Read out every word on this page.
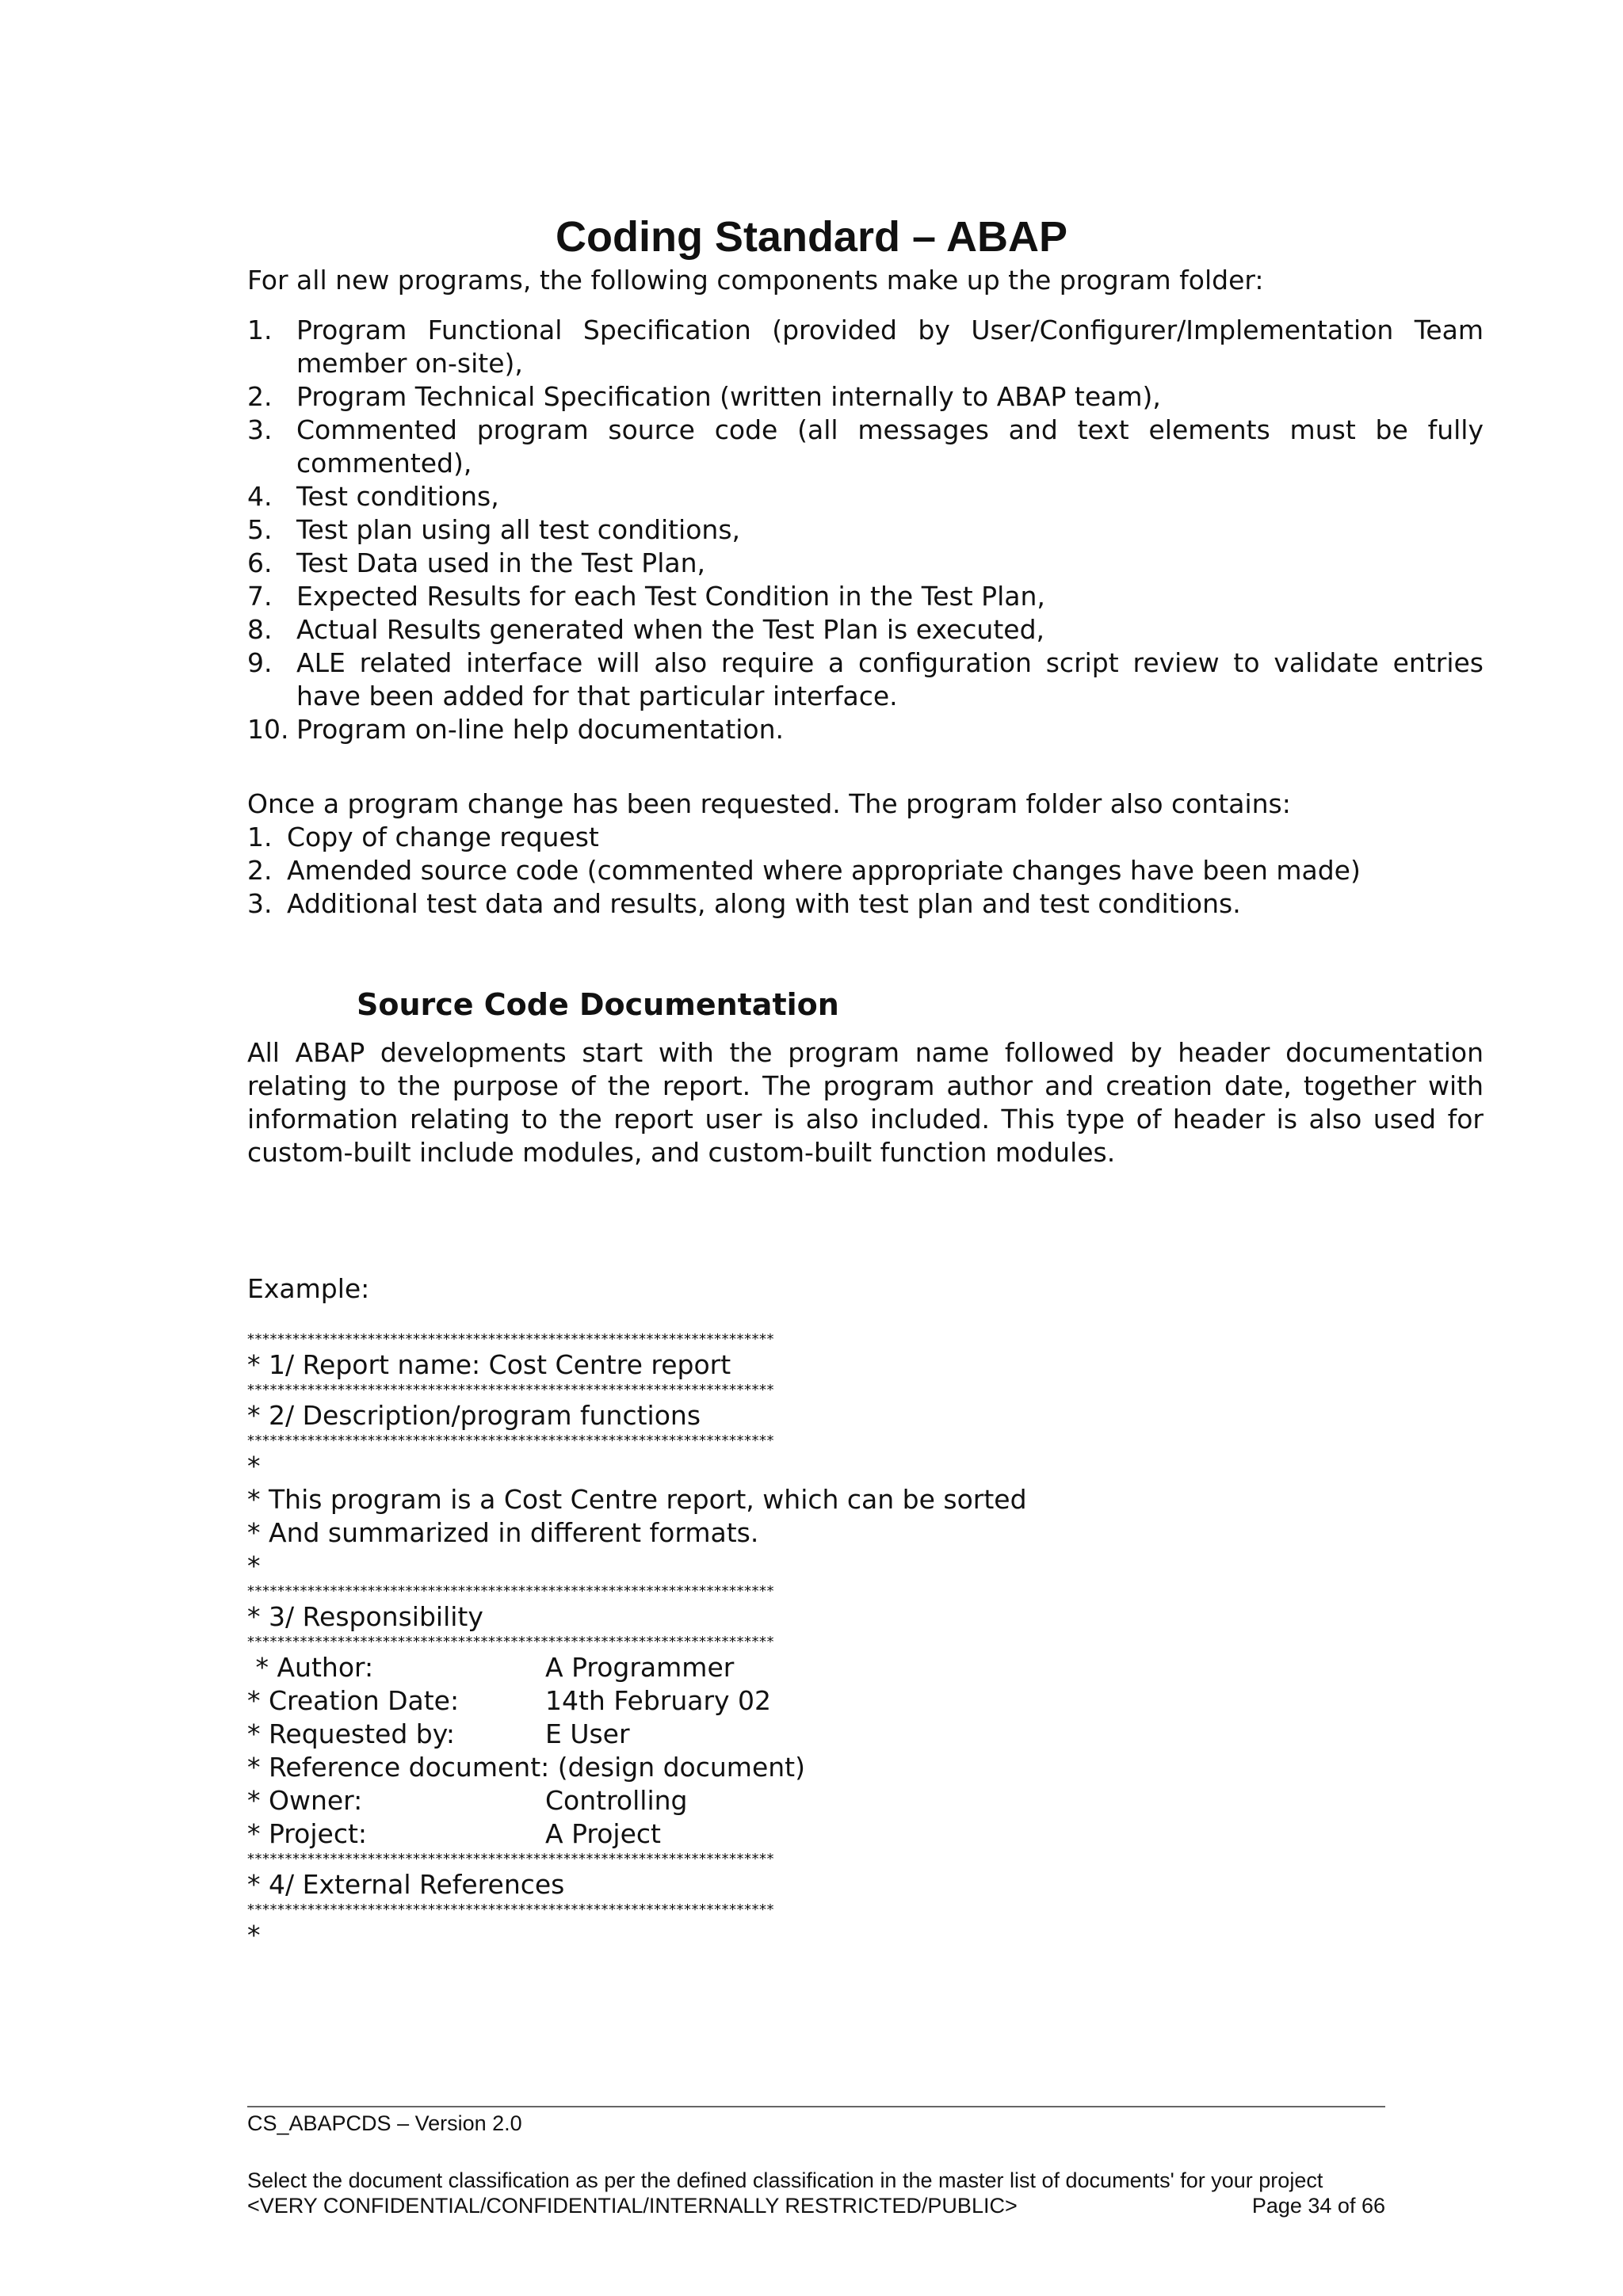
Coding Standard – ABAP
For all new programs, the following components make up the program folder:
1. Program Functional Specification (provided by User/Configurer/Implementation Team member on-site),
2. Program Technical Specification (written internally to ABAP team),
3. Commented program source code (all messages and text elements must be fully commented),
4. Test conditions,
5. Test plan using all test conditions,
6. Test Data used in the Test Plan,
7. Expected Results for each Test Condition in the Test Plan,
8. Actual Results generated when the Test Plan is executed,
9. ALE related interface will also require a configuration script review to validate entries have been added for that particular interface.
10. Program on-line help documentation.
Once a program change has been requested. The program folder also contains:
1. Copy of change request
2. Amended source code (commented where appropriate changes have been made)
3. Additional test data and results, along with test plan and test conditions.
Source Code Documentation
All ABAP developments start with the program name followed by header documentation relating to the purpose of the report. The program author and creation date, together with information relating to the report user is also included. This type of header is also used for custom-built include modules, and custom-built function modules.
Example:
**********************************************************************
* 1/ Report name: Cost Centre report
**********************************************************************
* 2/ Description/program functions
**********************************************************************
*
* This program is a Cost Centre report, which can be sorted
* And summarized in different formats.
*
**********************************************************************
* 3/ Responsibility
**********************************************************************
* Author:	A Programmer
* Creation Date:	14th February 02
* Requested by:	E User
* Reference document: (design document)
* Owner:	Controlling
* Project:	A Project
**********************************************************************
* 4/ External References
**********************************************************************
*
CS_ABAPCDS – Version 2.0
Select the document classification as per the defined classification in the master list of documents' for your project
<VERY CONFIDENTIAL/CONFIDENTIAL/INTERNALLY RESTRICTED/PUBLIC>	Page 34 of 66
